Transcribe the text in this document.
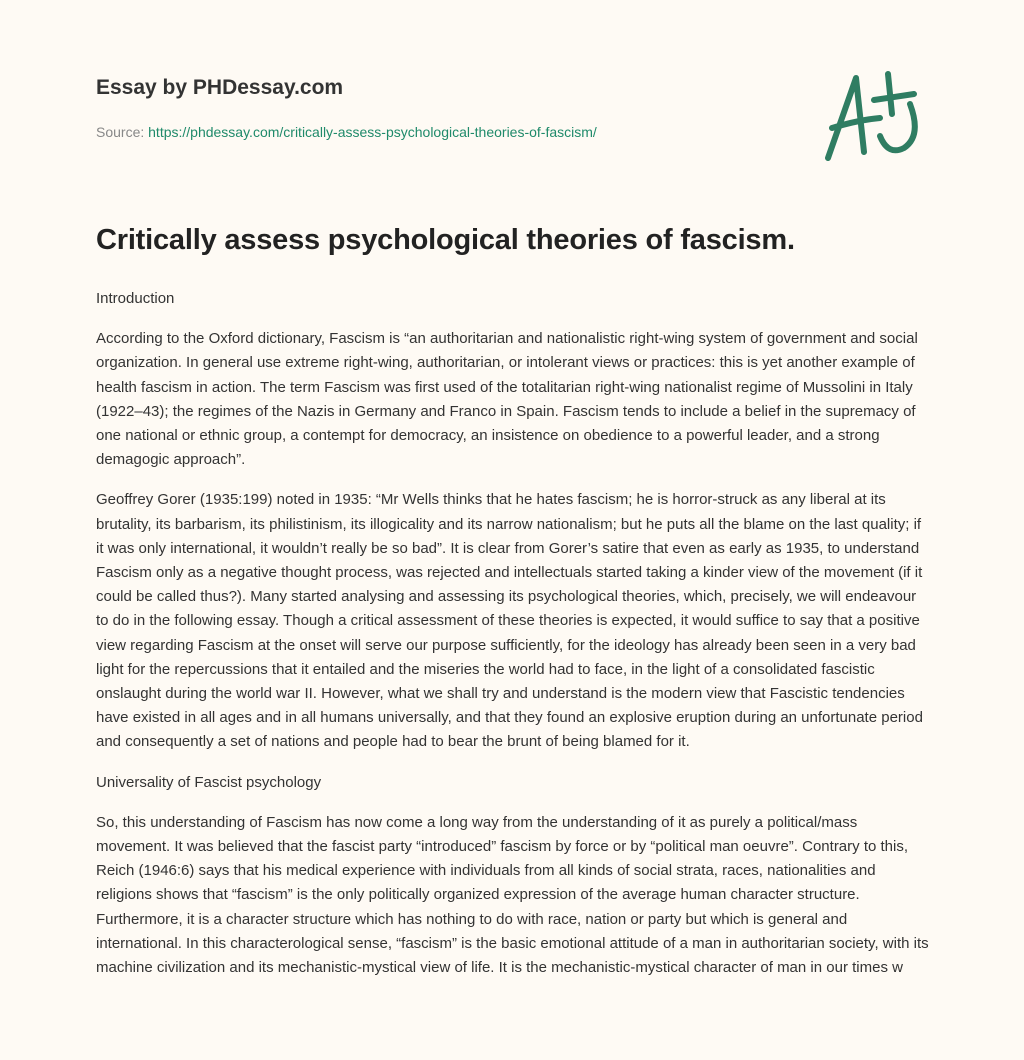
Essay by PHDessay.com
Source: https://phdessay.com/critically-assess-psychological-theories-of-fascism/
Critically assess psychological theories of fascism.

Introduction

According to the Oxford dictionary, Fascism is “an authoritarian and nationalistic right-wing system of government and social organization. In general use extreme right-wing, authoritarian, or intolerant views or practices: this is yet another example of health fascism in action. The term Fascism was first used of the totalitarian right-wing nationalist regime of Mussolini in Italy (1922–43); the regimes of the Nazis in Germany and Franco in Spain. Fascism tends to include a belief in the supremacy of one national or ethnic group, a contempt for democracy, an insistence on obedience to a powerful leader, and a strong demagogic approach”.

Geoffrey Gorer (1935:199) noted in 1935: “Mr Wells thinks that he hates fascism; he is horror-struck as any liberal at its brutality, its barbarism, its philistinism, its illogicality and its narrow nationalism; but he puts all the blame on the last quality; if it was only international, it wouldn’t really be so bad”. It is clear from Gorer’s satire that even as early as 1935, to understand Fascism only as a negative thought process, was rejected and intellectuals started taking a kinder view of the movement (if it could be called thus?). Many started analysing and assessing its psychological theories, which, precisely, we will endeavour to do in the following essay. Though a critical assessment of these theories is expected, it would suffice to say that a positive view regarding Fascism at the onset will serve our purpose sufficiently, for the ideology has already been seen in a very bad light for the repercussions that it entailed and the miseries the world had to face, in the light of a consolidated fascistic onslaught during the world war II. However, what we shall try and understand is the modern view that Fascistic tendencies have existed in all ages and in all humans universally, and that they found an explosive eruption during an unfortunate period and consequently a set of nations and people had to bear the brunt of being blamed for it.

Universality of Fascist psychology

So, this understanding of Fascism has now come a long way from the understanding of it as purely a political/mass movement. It was believed that the fascist party “introduced” fascism by force or by “political man oeuvre”. Contrary to this, Reich (1946:6) says that his medical experience with individuals from all kinds of social strata, races, nationalities and religions shows that “fascism” is the only politically organized expression of the average human character structure. Furthermore, it is a character structure which has nothing to do with race, nation or party but which is general and international. In this characterological sense, “fascism” is the basic emotional attitude of a man in authoritarian society, with its machine civilization and its mechanistic-mystical view of life. It is the mechanistic-mystical character of man in our times w
